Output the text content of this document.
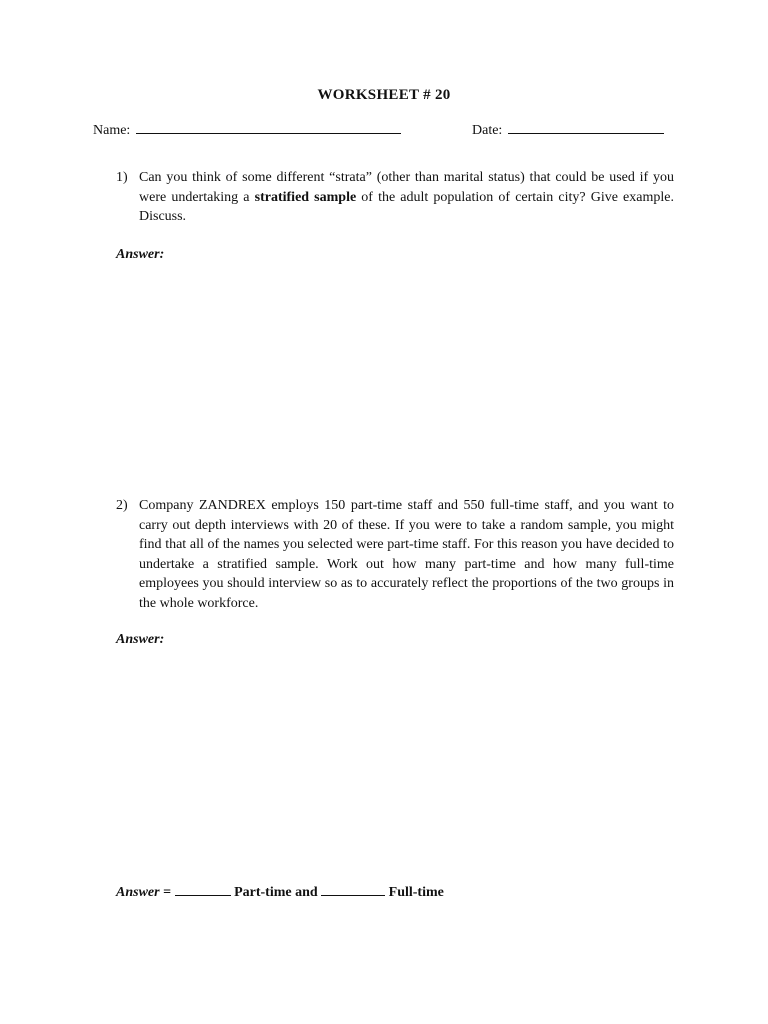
WORKSHEET # 20
Name:	Date:
1) Can you think of some different “strata” (other than marital status) that could be used if you were undertaking a stratified sample of the adult population of certain city? Give example. Discuss.
Answer:
2) Company ZANDREX employs 150 part-time staff and 550 full-time staff, and you want to carry out depth interviews with 20 of these. If you were to take a random sample, you might find that all of the names you selected were part-time staff. For this reason you have decided to undertake a stratified sample. Work out how many part-time and how many full-time employees you should interview so as to accurately reflect the proportions of the two groups in the whole workforce.
Answer:
Answer =	Part-time and	Full-time
